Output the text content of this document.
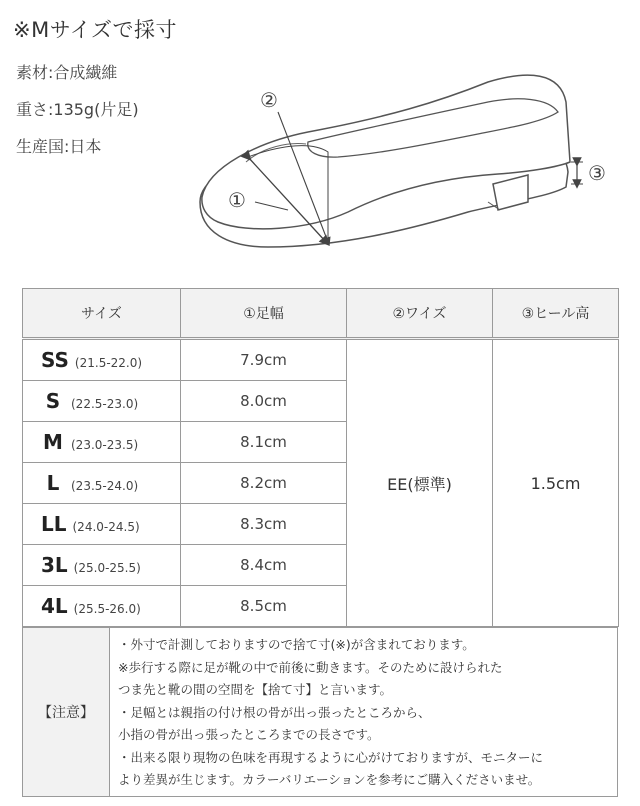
※Mサイズで採寸
素材:合成繊維
重さ:135g(片足)
生産国:日本
①
②
③
サイズ	①足幅	②ワイズ	③ヒール高
SS (21.5-22.0)	7.9cm	EE(標準)	1.5cm
S (22.5-23.0)	8.0cm		
M (23.0-23.5)	8.1cm		
L (23.5-24.0)	8.2cm		
LL (24.0-24.5)	8.3cm		
3L (25.0-25.5)	8.4cm		
4L (25.5-26.0)	8.5cm		
【注意】
・外寸で計測しておりますので捨て寸(※)が含まれております。
※歩行する際に足が靴の中で前後に動きます。そのために設けられた
つま先と靴の間の空間を【捨て寸】と言います。
・足幅とは親指の付け根の骨が出っ張ったところから、
小指の骨が出っ張ったところまでの長さです。
・出来る限り現物の色味を再現するように心がけておりますが、モニターに
より差異が生じます。カラーバリエーションを参考にご購入くださいませ。
